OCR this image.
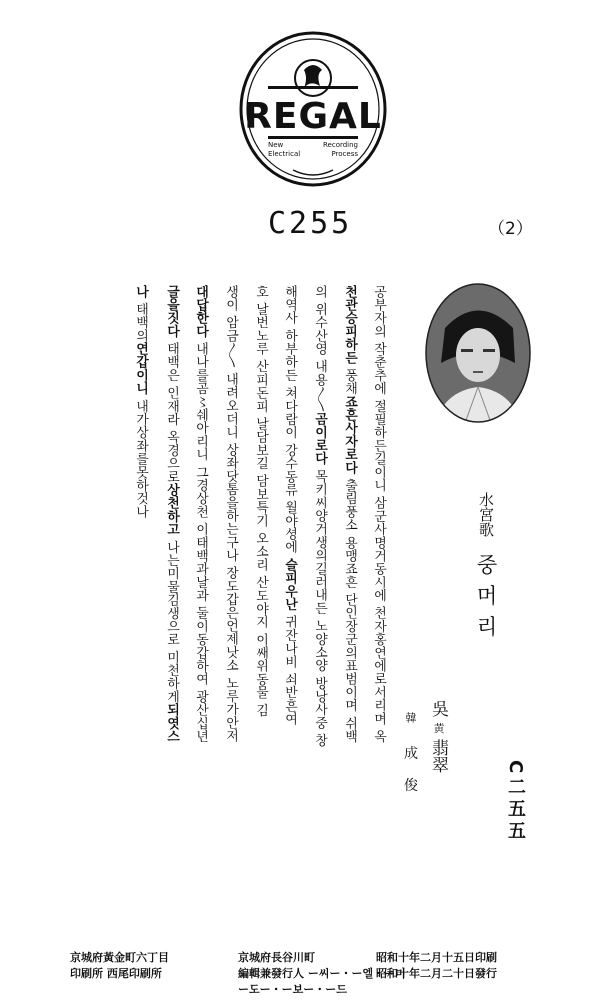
REGAL
New
Electrical
Recording
Process
C255	（2）
水宮歌 중머리
吳 黄 翡翠
韓 成俊	C二五五
공부자의 작춘추에 절필하든길이니 삼군사명거동시에 천자홍연에로서리며 옥
천관승피하든 풍채죠흔사자로다 출림풍소 용맹죠흔 단인장군의표범이며 쉬백
의 위수산영 내용〳〵곰이로다 목키씨양거생의길러내든 노양소양 방낭사중 창
해역사 하부하든 쳐다람이 강수동류 월야셩에 슬피우난 귀잔나비 쇠반흔여
호 날번노루 산피돈피 날담보길 담보특기 오소리 산도야지 이쌔위동물 김
생이 암금〳〵 내려오더니 상좌닷톰을하는구나 장도갑은언제낫소 노루가안저
대답한다 내나를곰〻쉐아리니 그경상천 이태백과날과 둘이동갑하여 광산십년
글을짓다 태백은 인재라 옥경으로상천하고 나는미물김생으로 미천하게되엿스
나 태백의연갑이니 내가상좌를못하것나
昭和十年二月十五日印刷
昭和十年二月二十日發行
京城府長谷川町
編輯兼發行人 ー씨ー・ー엘・ー미
ー도ー・ー보ー・ー드
京城府黃金町六丁目
印刷所 西尾印刷所
